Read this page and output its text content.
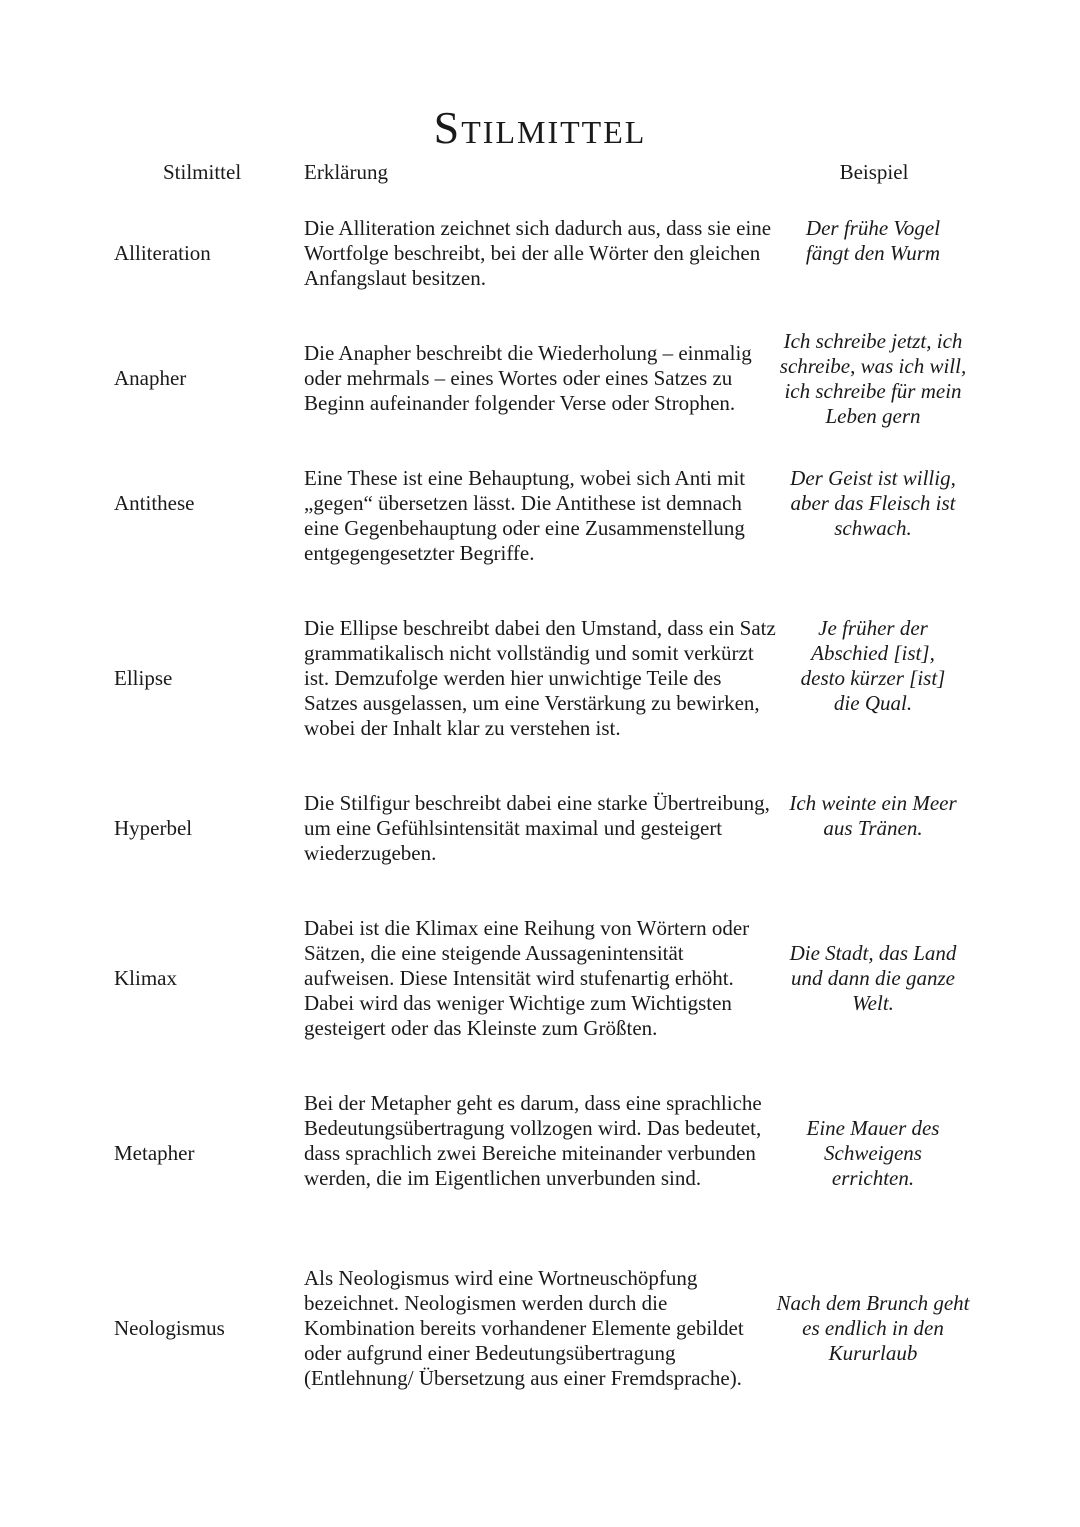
Stilmittel
Stilmittel	Erklärung	Beispiel
Alliteration
Die Alliteration zeichnet sich dadurch aus, dass sie eine Wortfolge beschreibt, bei der alle Wörter den gleichen Anfangslaut besitzen.
Der frühe Vogel fängt den Wurm
Anapher
Die Anapher beschreibt die Wiederholung – einmalig oder mehrmals – eines Wortes oder eines Satzes zu Beginn aufeinander folgender Verse oder Strophen.
Ich schreibe jetzt, ich schreibe, was ich will, ich schreibe für mein Leben gern
Antithese
Eine These ist eine Behauptung, wobei sich Anti mit „gegen“ übersetzen lässt. Die Antithese ist demnach eine Gegenbehauptung oder eine Zusammenstellung entgegengesetzter Begriffe.
Der Geist ist willig, aber das Fleisch ist schwach.
Ellipse
Die Ellipse beschreibt dabei den Umstand, dass ein Satz grammatikalisch nicht vollständig und somit verkürzt ist. Demzufolge werden hier unwichtige Teile des Satzes ausgelassen, um eine Verstärkung zu bewirken, wobei der Inhalt klar zu verstehen ist.
Je früher der Abschied [ist], desto kürzer [ist] die Qual.
Hyperbel
Die Stilfigur beschreibt dabei eine starke Übertreibung, um eine Gefühlsintensität maximal und gesteigert wiederzugeben.
Ich weinte ein Meer aus Tränen.
Klimax
Dabei ist die Klimax eine Reihung von Wörtern oder Sätzen, die eine steigende Aussagenintensität aufweisen. Diese Intensität wird stufenartig erhöht. Dabei wird das weniger Wichtige zum Wichtigsten gesteigert oder das Kleinste zum Größten.
Die Stadt, das Land und dann die ganze Welt.
Metapher
Bei der Metapher geht es darum, dass eine sprachliche Bedeutungsübertragung vollzogen wird. Das bedeutet, dass sprachlich zwei Bereiche miteinander verbunden werden, die im Eigentlichen unverbunden sind.
Eine Mauer des Schweigens errichten.
Neologismus
Als Neologismus wird eine Wortneuschöpfung bezeichnet. Neologismen werden durch die Kombination bereits vorhandener Elemente gebildet oder aufgrund einer Bedeutungsübertragung (Entlehnung/ Übersetzung aus einer Fremdsprache).
Nach dem Brunch geht es endlich in den Kururlaub
